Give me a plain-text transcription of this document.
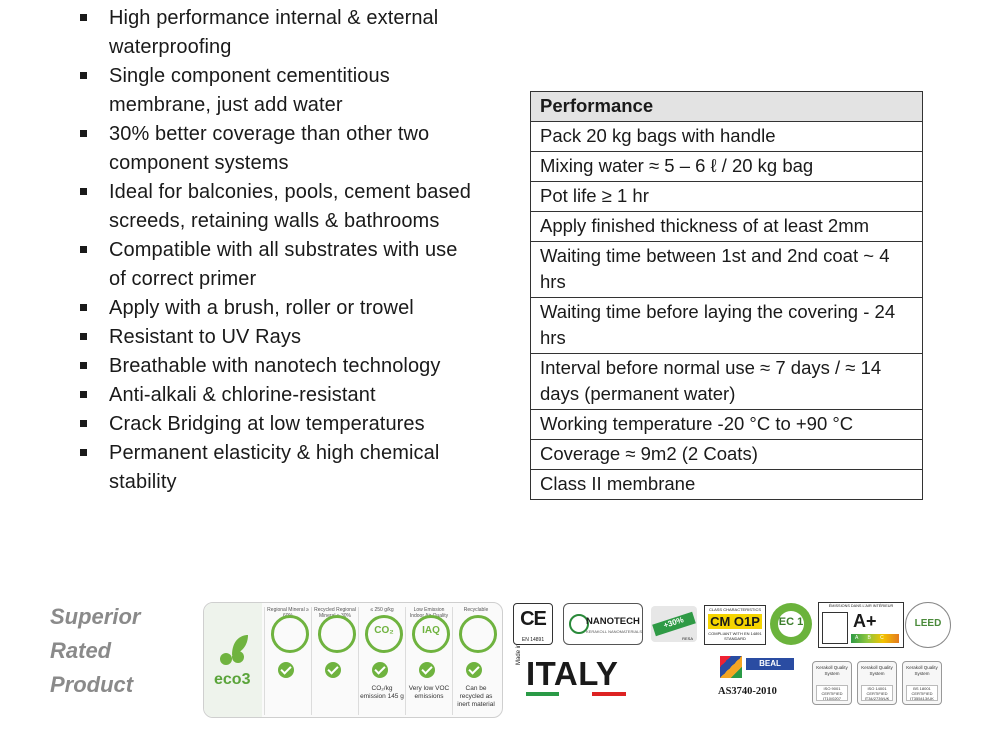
High performance internal & external waterproofing
Single component cementitious membrane, just add water
30% better coverage than other two component systems
Ideal for balconies, pools, cement based screeds, retaining walls & bathrooms
Compatible with all substrates with use of correct primer
Apply with a brush, roller or trowel
Resistant to UV Rays
Breathable with nanotech technology
Anti-alkali & chlorine-resistant
Crack Bridging at low temperatures
Permanent elasticity & high chemical stability
Performance
Pack 20 kg bags with handle
Mixing water ≈ 5 – 6 ℓ / 20 kg bag
Pot life ≥ 1 hr
Apply finished thickness of at least 2mm
Waiting time between 1st and 2nd coat ~ 4 hrs
Waiting time before laying the covering - 24 hrs
Interval before normal use ≈ 7 days / ≈ 14 days (permanent water)
Working temperature -20 °C to +90 °C
Coverage ≈ 9m2 (2 Coats)
Class II membrane
Superior
Rated
Product	eco3
Regional Mineral ≥ 60%
Recycled Regional Mineral ≥ 30%
≤ 250 g/kg
CO₂
CO₂/kg emission 145 g
Low Emission Indoor Air Quality
IAQ
Very low VOC emissions
Recyclable
Can be recycled as inert material
CE
EN 14891
NANOTECH
KERAKOLL NANOMATERIALS
+30%
RESA
CLASS CHARACTERISTICS
CM O1P
COMPLIANT WITH EN 14891 STANDARD
EC 1
ÉMISSIONS DANS L'AIR INTÉRIEUR
A+
A B C
LEED
Made in
ITALY	BEAL
AS3740-2010
Kerakoll Quality System
ISO 9001 CERTIFIED IT10/0207
Kerakoll Quality System
ISO 14001 CERTIFIED IT34/2739/UK
Kerakoll Quality System
BS 18001 CERTIFIED IT355413/UK
